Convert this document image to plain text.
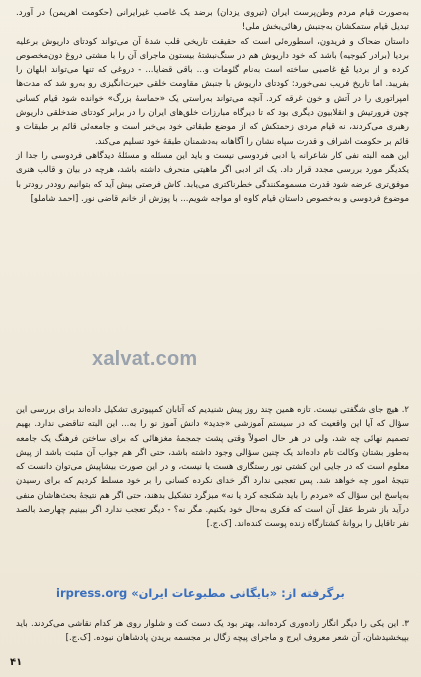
به‌صورت قیام مردم وطن‌پرست ایران (تیروی یزدان) برضد یک غاصب غیرایرانی (حکومت اهریمن) در آورد. تبدیل قیام ستمکشان به‌جنبش رهائی‌بخش ملی!

داستان ضحاک و فریدون، اسطوره‌ئی است که حقیقت تاریخی قلب شدهٔ آن می‌تواند کودتای داریوش برعلیه بردیا (برادر کبوجیه) باشد که خود داریوش هم در سنگ‌نبشتهٔ بیستون ماجرای آن را با مشتی دروغ دون‌مخصوص کرده و از بردیا مُغ غاصبی ساخته است به‌نام گئومات و... باقی قضایا... - دروغی که تنها می‌تواند ابلهان را بفریبد. اما تاریخ فریب نمی‌خورد: کودتای داریوش با جنبش مقاومت خلقی حیرت‌انگیزی رو به‌رو شد که مدت‌ها امپراتوری را در آتش و خون غرقه کرد. آنچه می‌تواند به‌راستی یک «حماسهٔ بزرگ» خوانده شود قیام کسانی چون فرورتیش و انقلابیون دیگری بود که تا دیرگاه مبارزات خلق‌های ایران را در برابر کودتای ضدخلقی داریوش رهبری می‌کردند، نه قیام مردی زحمتکش که از موضع طبقاتی خود بی‌خبر است و جامعه‌ئی قائم بر طبقات و قائم بر حکومت اشراف و قدرت سپاه نشان را آگاهانه به‌دشمنان طبقهٔ خود تسلیم می‌کند.

این همه البته نفی کار شاعرانه یا ادبی فردوسی نیست و باید این مسئله و مسئلهٔ دیدگاهی فردوسی را جدا از یکدیگر مورد بررسی مجدد قرار داد. یک اثر ادبی اگر ماهیتی منحرف داشته باشد، هرچه در بیان و قالب هنری موفق‌تری عرضه شود قدرت مسمومکنندگی خطرناکتری می‌یابد. کاش فرصتی بیش آید که بتوانیم روددر رودتر با موضوع فردوسی و به‌خصوص داستان قیام کاوه او مواجه شویم... با پوزش از خانم قاضی نور. [احمد شاملو]

xalvat.com

۲. هیچ جای شگفتی نیست. تازه همین چند روز پیش شنیدیم که آتابان کمپیوتری تشکیل داده‌اند برای بررسی این سؤال که آیا این واقعیت که در سیستم آموزشی «جدید» دانش آموز نو را به... این البته تناقضی ندارد. بهیم تصمیم نهائی چه شد، ولی در هر حال اصولاً وقتی پشت جمجمهٔ مغزهائی که برای ساختن فرهنگ یک جامعه به‌طور بشتان وکالت تام داده‌اند یک چنین سؤالی وجود داشته باشد، حتی اگر هم جواب آن مثبت باشد از پیش معلوم است که در جایی این کشتی نور رستگاری هست یا نیست، و در این صورت بیشاپیش می‌توان دانست که نتیجهٔ امور چه خواهد شد. پس تعجبی ندارد اگر خدای نکرده کسانی را بر خود مسلط کردیم که برای رسیدن به‌پاسخ این سؤال که «مردم را باید شکنجه کرد یا نه» مبزگرد تشکیل بدهند، حتی اگر هم نتیجهٔ بحث‌ها‌شان منفی درآید باز شرط عقل آن است که فکری به‌حال خود بکنیم. مگر نه؟ - دیگر تعجب ندارد اگر ببینیم چهارصد بالصد نفر تاقایل را بروانهٔ کشتارگاه زنده پوست کنده‌اند. [ک.ج.]

برگرفته از: «بایگانی مطبوعات ایران» irpress.org

۳. این یکی را دیگر انگار زاده‌وری کرده‌اند، بهتر بود یک دست کت و شلوار روی هر کدام نقاشی می‌کردند. باید بپیخشیدشان، آن شعر معروف ایرج و ماجرای پیچه زگال بر مجسمه بریدن پادشاهان نبوده. [ک.ج.]

۴۱
